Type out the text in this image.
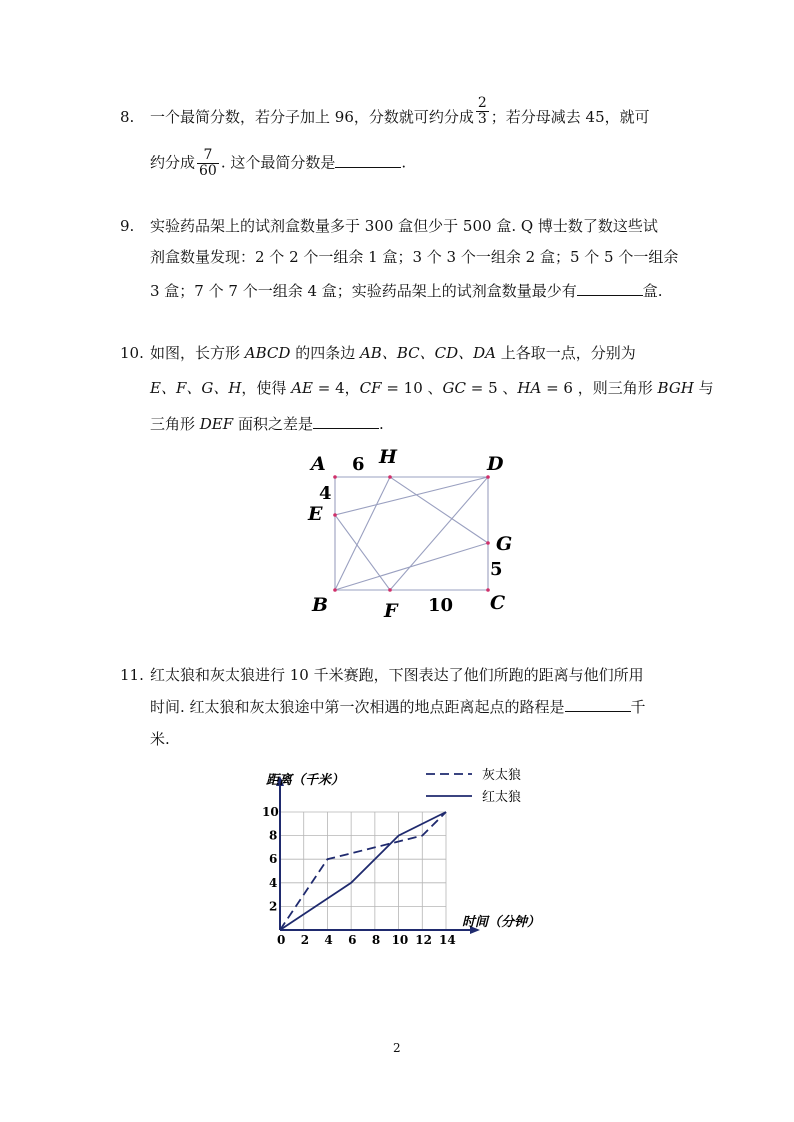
8. 一个最简分数，若分子加上 96，分数就可约分成 $\frac{2}{3}$ ；若分母减去 45，就可
约分成 $\frac{7}{60}$ . 这个最简分数是	.
9. 实验药品架上的试剂盒数量多于 300 盒但少于 500 盒. Q 博士数了数这些试
剂盒数量发现：2 个 2 个一组余 1 盒；3 个 3 个一组余 2 盒；5 个 5 个一组余
3 盒；7 个 7 个一组余 4 盒；实验药品架上的试剂盒数量最少有	盒.
10. 如图，长方形 ABCD 的四条边 AB、BC、CD、DA 上各取一点，分别为
E、F、G、H，使得 AE = 4，CF = 10 、GC = 5 、HA = 6 ，则三角形 BGH 与
三角形 DEF 面积之差是	.
A	H	D
E
G
B	F	C
6
4
5
10
11. 红太狼和灰太狼进行 10 千米赛跑，下图表达了他们所跑的距离与他们所用
时间. 红太狼和灰太狼途中第一次相遇的地点距离起点的路程是	千
米.
0 2 4 6 8 10 12 14
2
4
6
8
10
距离（千米）
时间（分钟）
灰太狼
红太狼
2
